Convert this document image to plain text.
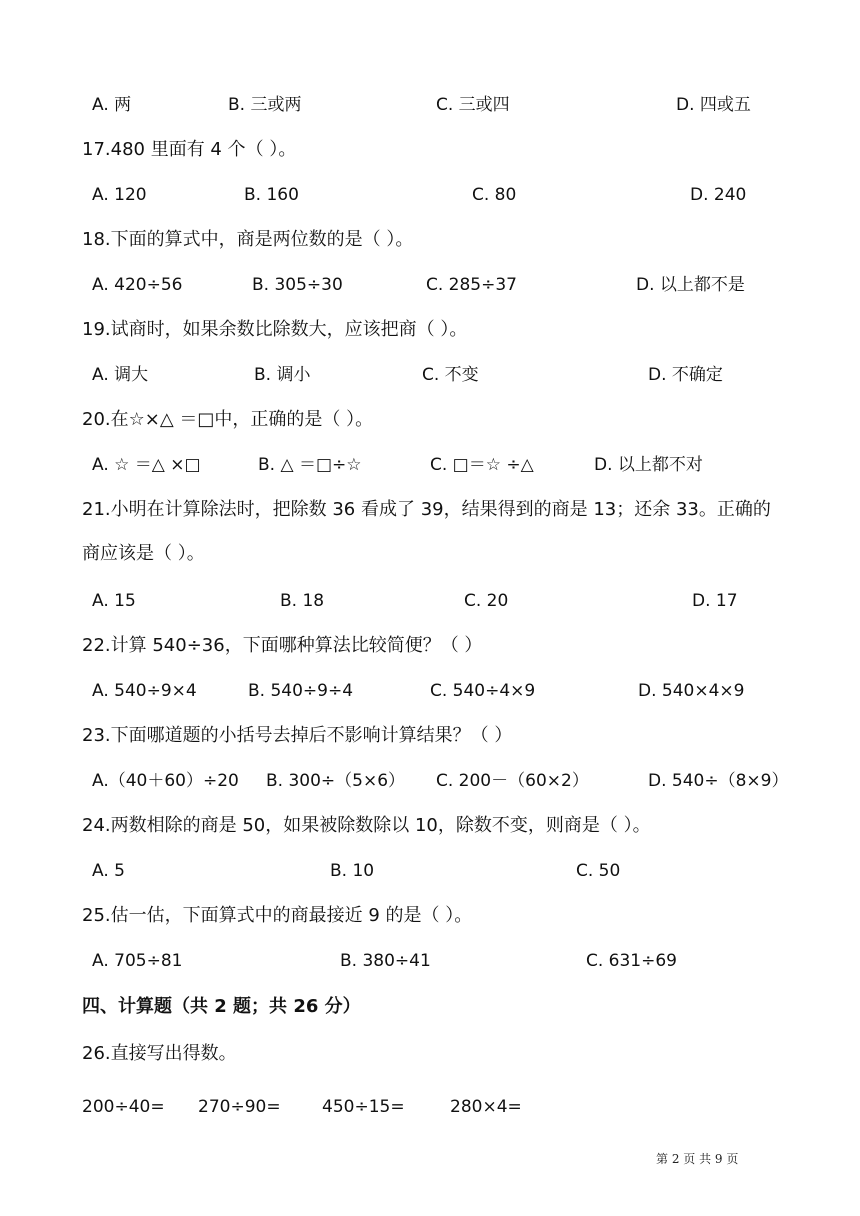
A. 两	B. 三或两	C. 三或四	D. 四或五
17.480 里面有 4 个（ ）。
A. 120	B. 160	C. 80	D. 240
18.下面的算式中，商是两位数的是（ ）。
A. 420÷56	B. 305÷30	C. 285÷37	D. 以上都不是
19.试商时，如果余数比除数大，应该把商（ ）。
A. 调大	B. 调小	C. 不变	D. 不确定
20.在☆×△ ＝□中，正确的是（ ）。
A. ☆ ＝△ ×□	B. △ ＝□÷☆	C. □＝☆ ÷△	D. 以上都不对
21.小明在计算除法时，把除数 36 看成了 39，结果得到的商是 13；还余 33。正确的商应该是（ ）。
A. 15	B. 18	C. 20	D. 17
22.计算 540÷36，下面哪种算法比较简便？（ ）
A. 540÷9×4	B. 540÷9÷4	C. 540÷4×9	D. 540×4×9
23.下面哪道题的小括号去掉后不影响计算结果？（ ）
A.（40＋60）÷20 B. 300÷（5×6） C. 200－（60×2）	D. 540÷（8×9）
24.两数相除的商是 50，如果被除数除以 10，除数不变，则商是（ ）。
A. 5	B. 10	C. 50
25.估一估，下面算式中的商最接近 9 的是（ ）。
A. 705÷81	B. 380÷41	C. 631÷69
四、计算题（共 2 题；共 26 分）
26.直接写出得数。
200÷40= 270÷90= 450÷15=	280×4=
第 2 页 共 9 页
